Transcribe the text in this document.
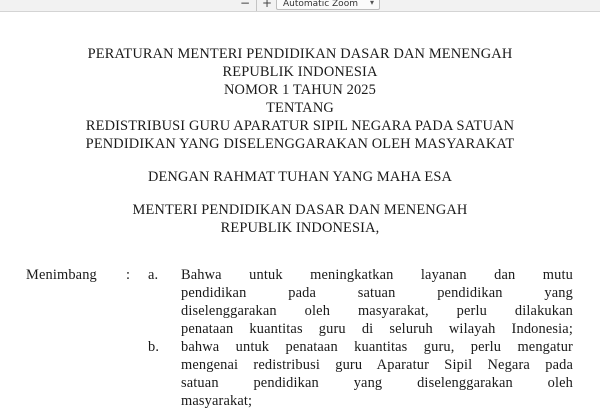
− +	Automatic Zoom ▾
PERATURAN MENTERI PENDIDIKAN DASAR DAN MENENGAH
REPUBLIK INDONESIA
NOMOR 1 TAHUN 2025
TENTANG
REDISTRIBUSI GURU APARATUR SIPIL NEGARA PADA SATUAN
PENDIDIKAN YANG DISELENGGARAKAN OLEH MASYARAKAT
DENGAN RAHMAT TUHAN YANG MAHA ESA
MENTERI PENDIDIKAN DASAR DAN MENENGAH
REPUBLIK INDONESIA,
Menimbang : a. Bahwa untuk meningkatkan layanan dan mutu
pendidikan pada satuan pendidikan yang
diselenggarakan oleh masyarakat, perlu dilakukan
penataan kuantitas guru di seluruh wilayah Indonesia;
b. bahwa untuk penataan kuantitas guru, perlu mengatur
mengenai redistribusi guru Aparatur Sipil Negara pada
satuan pendidikan yang diselenggarakan oleh
masyarakat;
